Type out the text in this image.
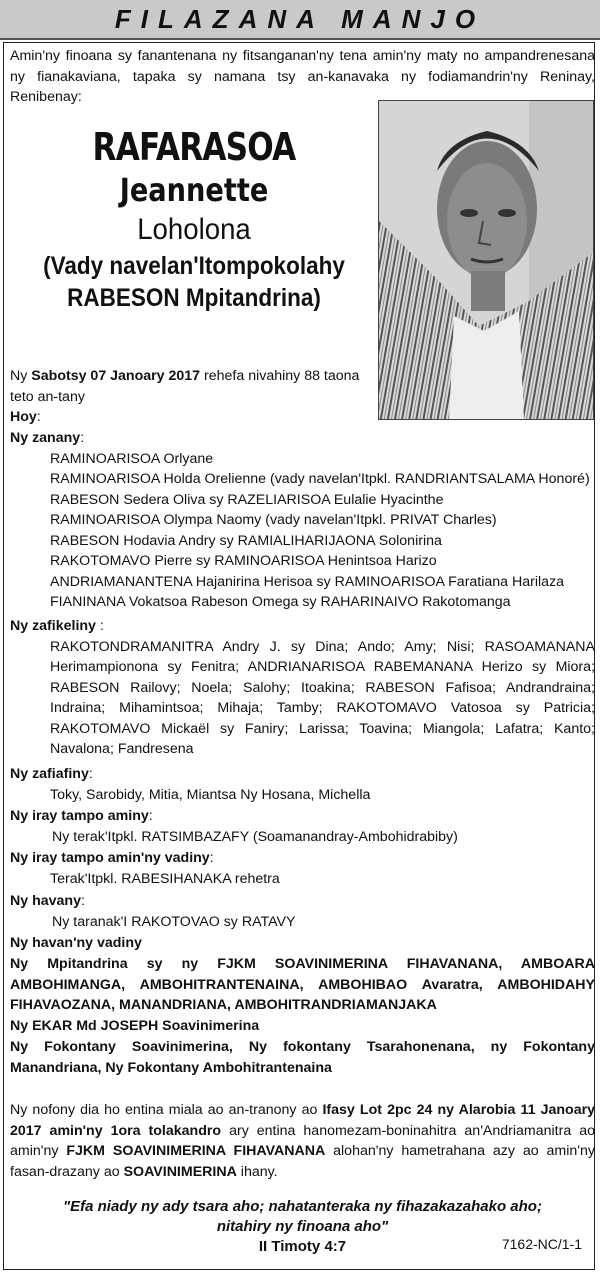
FILAZANA MANJO

Amin'ny finoana sy fanantenana ny fitsanganan'ny tena amin'ny maty no ampandrenesana ny fianakaviana, tapaka sy namana tsy an-kanavaka ny fodiamandrin'ny Reninay, Renibenay:

RAFARASOA
Jeannette
Loholona
(Vady navelan'Itompokolahy
RABESON Mpitandrina)
Ny Sabotsy 07 Janoary 2017 rehefa nivahiny 88 taona teto an-tany
Hoy:
Ny zanany:
RAMINOARISOA Orlyane
RAMINOARISOA Holda Orelienne (vady navelan'Itpkl. RANDRIANTSALAMA Honoré)
RABESON Sedera Oliva sy RAZELIARISOA Eulalie Hyacinthe
RAMINOARISOA Olympa Naomy (vady navelan'Itpkl. PRIVAT Charles)
RABESON Hodavia Andry sy RAMIALIHARIJAONA Solonirina
RAKOTOMAVO Pierre sy RAMINOARISOA Henintsoa Harizo
ANDRIAMANANTENA Hajanirina Herisoa sy RAMINOARISOA Faratiana Harilaza
FIANINANA Vokatsoa Rabeson Omega sy RAHARINAIVO Rakotomanga
Ny zafikeliny :
RAKOTONDRAMANITRA Andry J. sy Dina; Ando; Amy; Nisi; RASOAMANANA Herimampionona sy Fenitra; ANDRIANARISOA RABEMANANA Herizo sy Miora; RABESON Railovy; Noela; Salohy; Itoakina; RABESON Fafisoa; Andrandraina; Indraina; Mihamintsoa; Mihaja; Tamby; RAKOTOMAVO Vatosoa sy Patricia; RAKOTOMAVO Mickaël sy Faniry; Larissa; Toavina; Miangola; Lafatra; Kanto; Navalona; Fandresena
Ny zafiafiny:
Toky, Sarobidy, Mitia, Miantsa Ny Hosana, Michella
Ny iray tampo aminy:
Ny terak'Itpkl. RATSIMBAZAFY (Soamanandray-Ambohidrabiby)
Ny iray tampo amin'ny vadiny:
Terak'Itpkl. RABESIHANAKA rehetra
Ny havany:
Ny taranak'I RAKOTOVAO sy RATAVY
Ny havan'ny vadiny
Ny Mpitandrina sy ny FJKM SOAVINIMERINA FIHAVANANA, AMBOARA AMBOHIMANGA, AMBOHITRANTENAINA, AMBOHIBAO Avaratra, AMBOHIDAHY FIHAVAOZANA, MANANDRIANA, AMBOHITRANDRIAMANJAKA
Ny EKAR Md JOSEPH Soavinimerina
Ny Fokontany Soavinimerina, Ny fokontany Tsarahonenana, ny Fokontany Manandriana, Ny Fokontany Ambohitrantenaina
Ny nofony dia ho entina miala ao an-tranony ao Ifasy Lot 2pc 24 ny Alarobia 11 Janoary 2017 amin'ny 1ora tolakandro ary entina hanomezam-boninahitra an'Andriamanitra ao amin'ny FJKM SOAVINIMERINA FIHAVANANA alohan'ny hametrahana azy ao amin'ny fasan-drazany ao SOAVINIMERINA ihany.
"Efa niady ny ady tsara aho; nahatanteraka ny fihazakazahako aho;
nitahiry ny finoana aho"
II Timoty 4:7	7162-NC/1-1
